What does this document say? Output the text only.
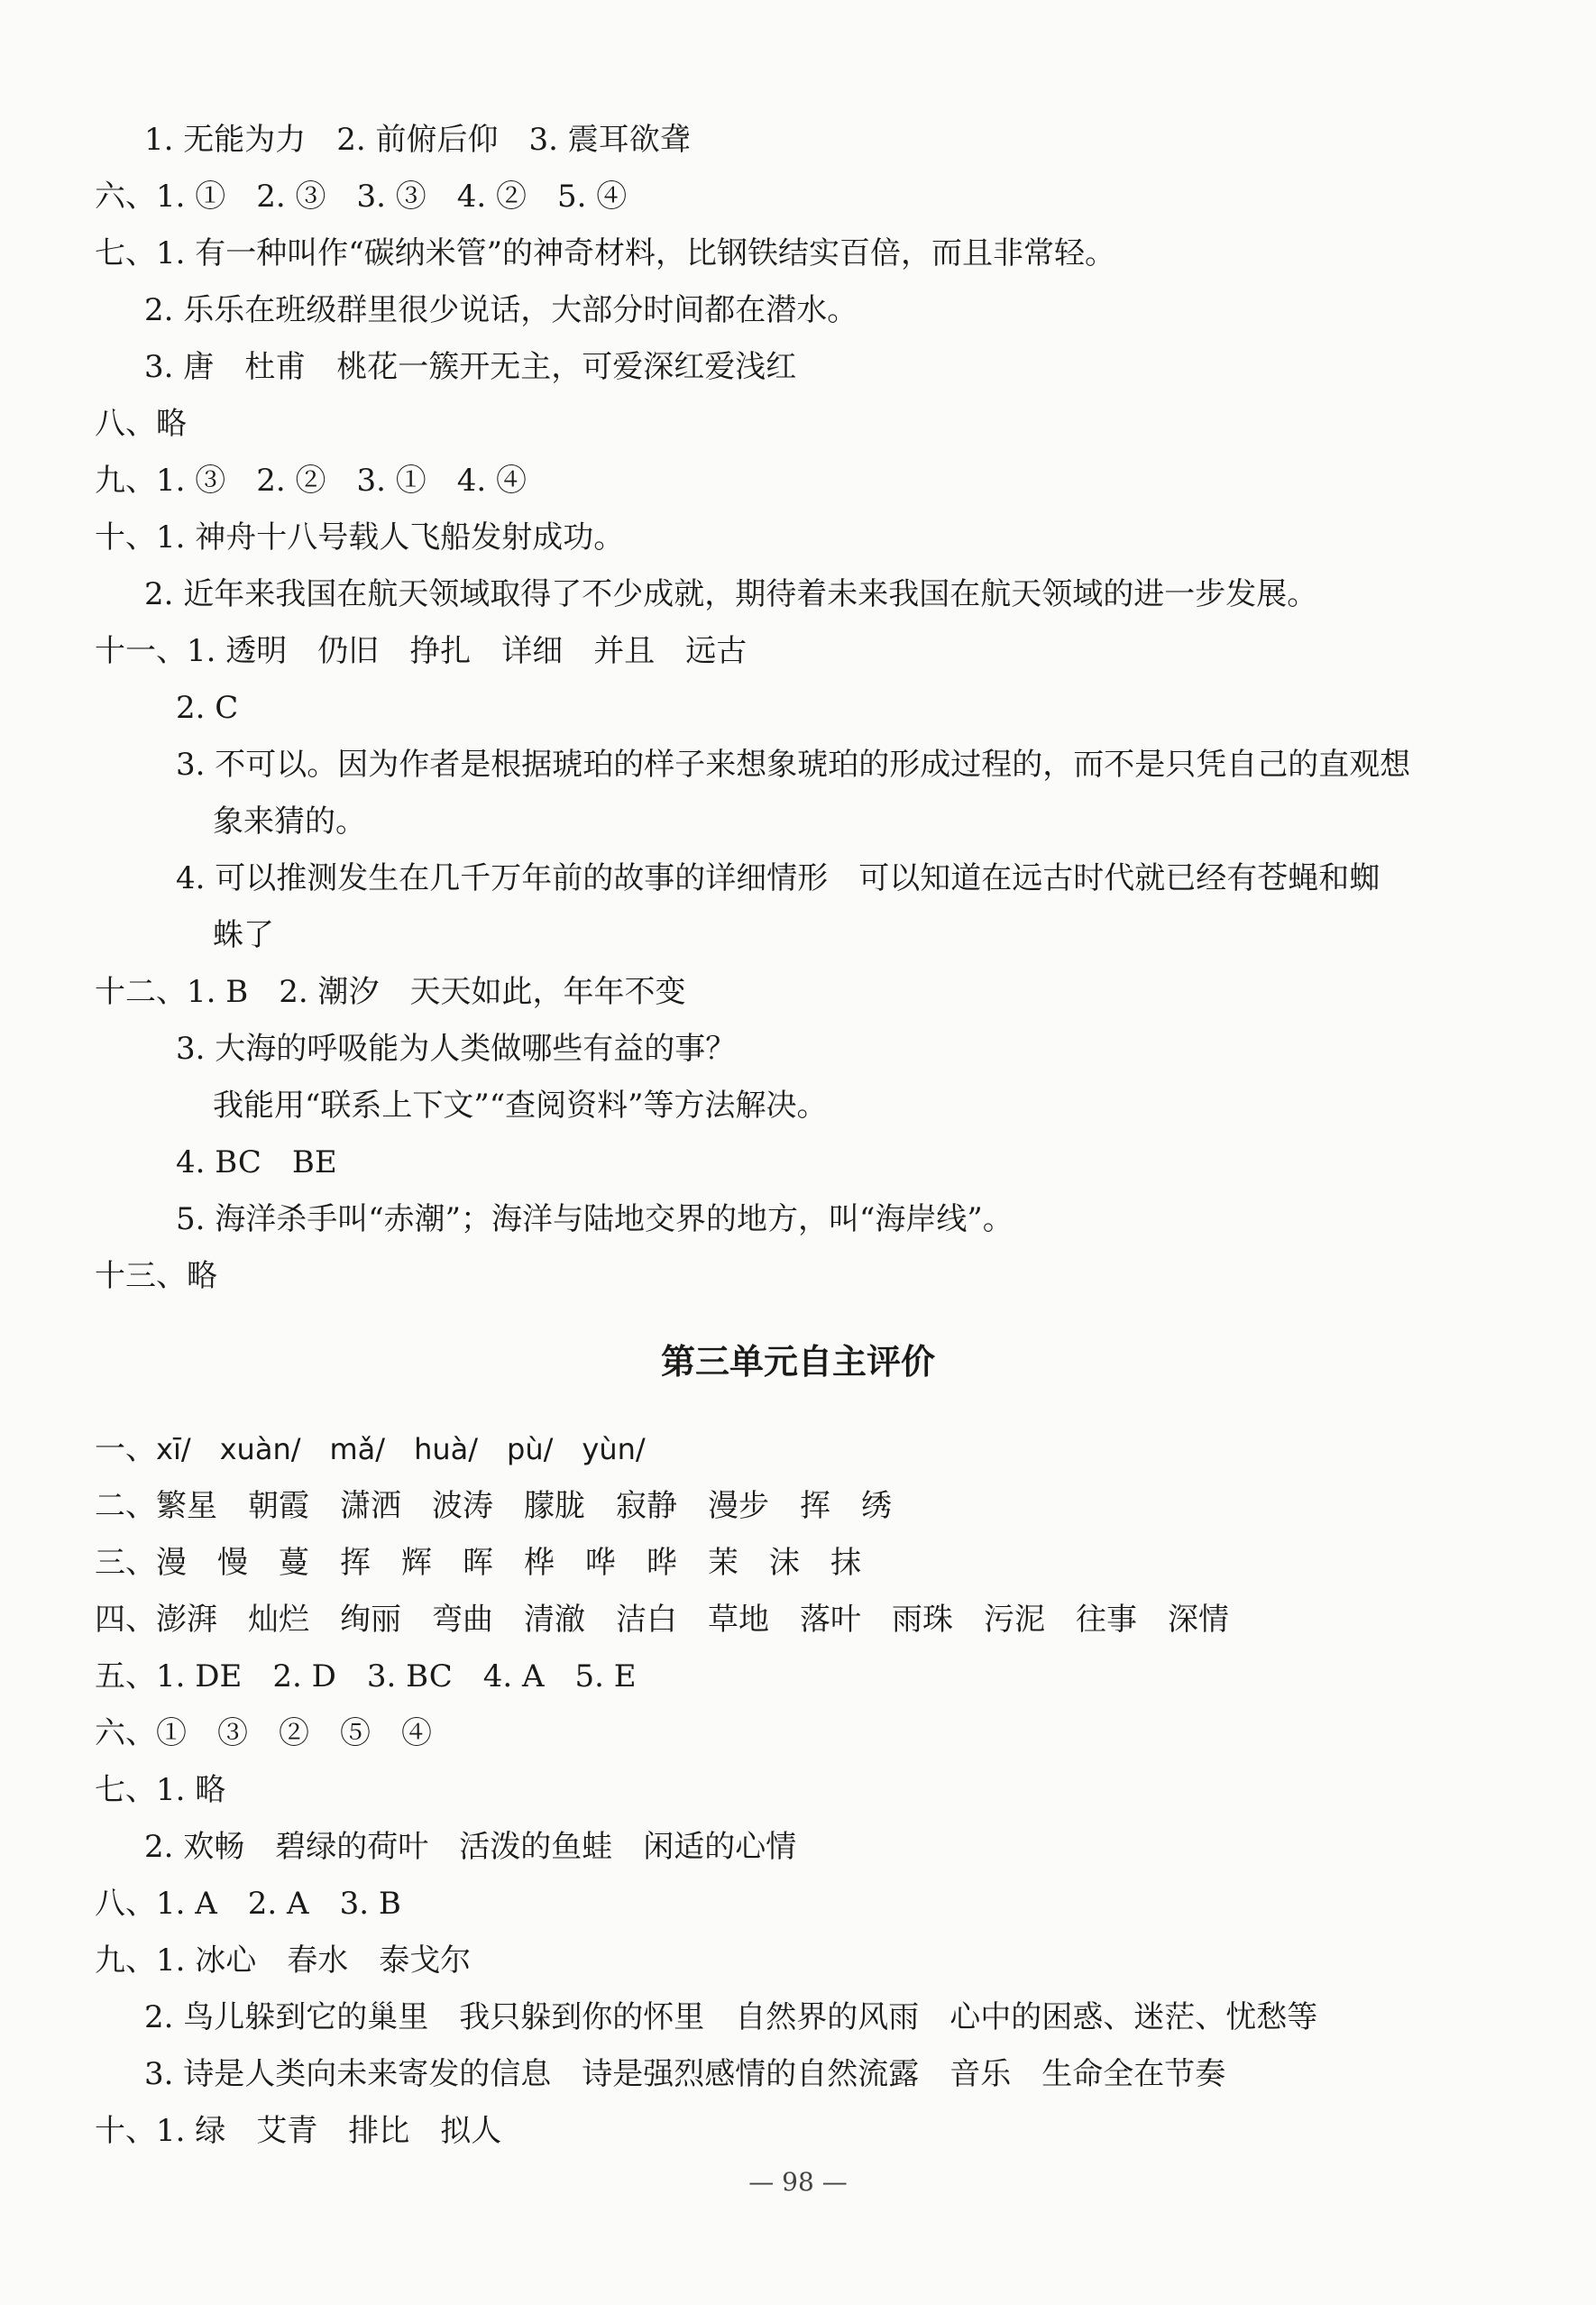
1. 无能为力　2. 前俯后仰　3. 震耳欲聋
六、1. ①　2. ③　3. ③　4. ②　5. ④
七、1. 有一种叫作“碳纳米管”的神奇材料，比钢铁结实百倍，而且非常轻。
2. 乐乐在班级群里很少说话，大部分时间都在潜水。
3. 唐　杜甫　桃花一簇开无主，可爱深红爱浅红
八、略
九、1. ③　2. ②　3. ①　4. ④
十、1. 神舟十八号载人飞船发射成功。
2. 近年来我国在航天领域取得了不少成就，期待着未来我国在航天领域的进一步发展。
十一、1. 透明　仍旧　挣扎　详细　并且　远古
2. C
3. 不可以。因为作者是根据琥珀的样子来想象琥珀的形成过程的，而不是只凭自己的直观想
象来猜的。
4. 可以推测发生在几千万年前的故事的详细情形　可以知道在远古时代就已经有苍蝇和蜘
蛛了
十二、1. B　2. 潮汐　天天如此，年年不变
3. 大海的呼吸能为人类做哪些有益的事？
我能用“联系上下文”“查阅资料”等方法解决。
4. BC　BE
5. 海洋杀手叫“赤潮”；海洋与陆地交界的地方，叫“海岸线”。
十三、略
第三单元自主评价
一、xī/　xuàn/　mǎ/　huà/　pù/　yùn/
二、繁星　朝霞　潇洒　波涛　朦胧　寂静　漫步　挥　绣
三、漫　慢　蔓　挥　辉　晖　桦　哗　晔　茉　沫　抹
四、澎湃　灿烂　绚丽　弯曲　清澈　洁白　草地　落叶　雨珠　污泥　往事　深情
五、1. DE　2. D　3. BC　4. A　5. E
六、①　③　②　⑤　④
七、1. 略
2. 欢畅　碧绿的荷叶　活泼的鱼蛙　闲适的心情
八、1. A　2. A　3. B
九、1. 冰心　春水　泰戈尔
2. 鸟儿躲到它的巢里　我只躲到你的怀里　自然界的风雨　心中的困惑、迷茫、忧愁等
3. 诗是人类向未来寄发的信息　诗是强烈感情的自然流露　音乐　生命全在节奏
十、1. 绿　艾青　排比　拟人
— 98 —
